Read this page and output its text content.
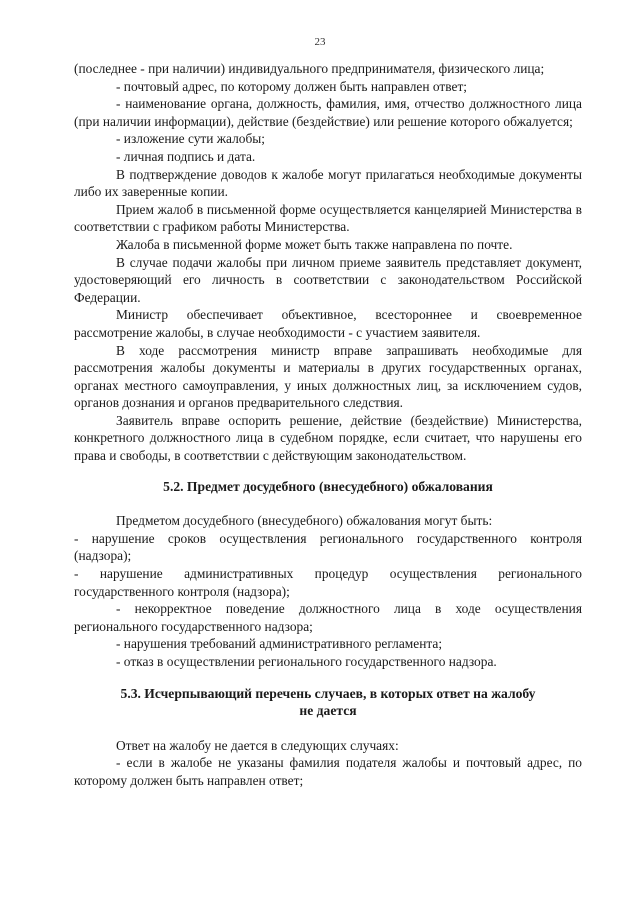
23

(последнее - при наличии) индивидуального предпринимателя, физического лица;

- почтовый адрес, по которому должен быть направлен ответ;

- наименование органа, должность, фамилия, имя, отчество должностного лица (при наличии информации), действие (бездействие) или решение которого обжалуется;

- изложение сути жалобы;

- личная подпись и дата.

В подтверждение доводов к жалобе могут прилагаться необходимые документы либо их заверенные копии.

Прием жалоб в письменной форме осуществляется канцелярией Министерства в соответствии с графиком работы Министерства.

Жалоба в письменной форме может быть также направлена по почте.

В случае подачи жалобы при личном приеме заявитель представляет документ, удостоверяющий его личность в соответствии с законодательством Российской Федерации.

Министр обеспечивает объективное, всестороннее и своевременное рассмотрение жалобы, в случае необходимости - с участием заявителя.

В ходе рассмотрения министр вправе запрашивать необходимые для рассмотрения жалобы документы и материалы в других государственных органах, органах местного самоуправления, у иных должностных лиц, за исключением судов, органов дознания и органов предварительного следствия.

Заявитель вправе оспорить решение, действие (бездействие) Министерства, конкретного должностного лица в судебном порядке, если считает, что нарушены его права и свободы, в соответствии с действующим законодательством.

5.2. Предмет досудебного (внесудебного) обжалования

Предметом досудебного (внесудебного) обжалования могут быть:

- нарушение сроков осуществления регионального государственного контроля (надзора);

- нарушение административных процедур осуществления регионального государственного контроля (надзора);

- некорректное поведение должностного лица в ходе осуществления регионального государственного надзора;

- нарушения требований административного регламента;

- отказ в осуществлении регионального государственного надзора.

5.3. Исчерпывающий перечень случаев, в которых ответ на жалобу
не дается

Ответ на жалобу не дается в следующих случаях:

- если в жалобе не указаны фамилия подателя жалобы и почтовый адрес, по которому должен быть направлен ответ;
